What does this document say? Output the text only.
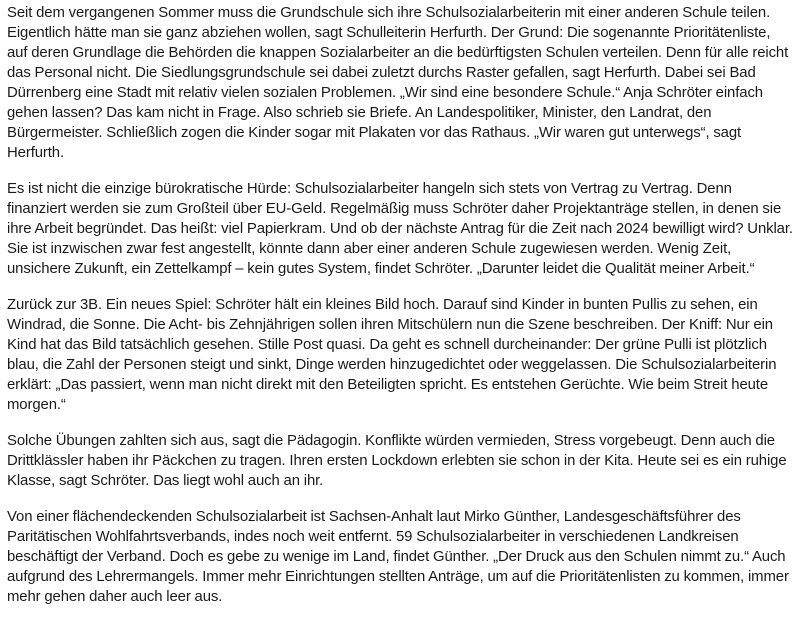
Seit dem vergangenen Sommer muss die Grundschule sich ihre Schulsozialarbeiterin mit einer anderen Schule teilen. Eigentlich hätte man sie ganz abziehen wollen, sagt Schulleiterin Herfurth. Der Grund: Die sogenannte Prioritätenliste, auf deren Grundlage die Behörden die knappen Sozialarbeiter an die bedürftigsten Schulen verteilen. Denn für alle reicht das Personal nicht. Die Siedlungsgrundschule sei dabei zuletzt durchs Raster gefallen, sagt Herfurth. Dabei sei Bad Dürrenberg eine Stadt mit relativ vielen sozialen Problemen. „Wir sind eine besondere Schule.“ Anja Schröter einfach gehen lassen? Das kam nicht in Frage. Also schrieb sie Briefe. An Landespolitiker, Minister, den Landrat, den Bürgermeister. Schließlich zogen die Kinder sogar mit Plakaten vor das Rathaus. „Wir waren gut unterwegs“, sagt Herfurth.

Es ist nicht die einzige bürokratische Hürde: Schulsozialarbeiter hangeln sich stets von Vertrag zu Vertrag. Denn finanziert werden sie zum Großteil über EU-Geld. Regelmäßig muss Schröter daher Projektanträge stellen, in denen sie ihre Arbeit begründet. Das heißt: viel Papierkram. Und ob der nächste Antrag für die Zeit nach 2024 bewilligt wird? Unklar. Sie ist inzwischen zwar fest angestellt, könnte dann aber einer anderen Schule zugewiesen werden. Wenig Zeit, unsichere Zukunft, ein Zettelkampf – kein gutes System, findet Schröter. „Darunter leidet die Qualität meiner Arbeit.“

Zurück zur 3B. Ein neues Spiel: Schröter hält ein kleines Bild hoch. Darauf sind Kinder in bunten Pullis zu sehen, ein Windrad, die Sonne. Die Acht- bis Zehnjährigen sollen ihren Mitschülern nun die Szene beschreiben. Der Kniff: Nur ein Kind hat das Bild tatsächlich gesehen. Stille Post quasi. Da geht es schnell durcheinander: Der grüne Pulli ist plötzlich blau, die Zahl der Personen steigt und sinkt, Dinge werden hinzugedichtet oder weggelassen. Die Schulsozialarbeiterin erklärt: „Das passiert, wenn man nicht direkt mit den Beteiligten spricht. Es entstehen Gerüchte. Wie beim Streit heute morgen.“

Solche Übungen zahlten sich aus, sagt die Pädagogin. Konflikte würden vermieden, Stress vorgebeugt. Denn auch die Drittklässler haben ihr Päckchen zu tragen. Ihren ersten Lockdown erlebten sie schon in der Kita. Heute sei es ein ruhige Klasse, sagt Schröter. Das liegt wohl auch an ihr.

Von einer flächendeckenden Schulsozialarbeit ist Sachsen-Anhalt laut Mirko Günther, Landesgeschäftsführer des Paritätischen Wohlfahrtsverbands, indes noch weit entfernt. 59 Schulsozialarbeiter in verschiedenen Landkreisen beschäftigt der Verband. Doch es gebe zu wenige im Land, findet Günther. „Der Druck aus den Schulen nimmt zu.“ Auch aufgrund des Lehrermangels. Immer mehr Einrichtungen stellten Anträge, um auf die Prioritätenlisten zu kommen, immer mehr gehen daher auch leer aus.
